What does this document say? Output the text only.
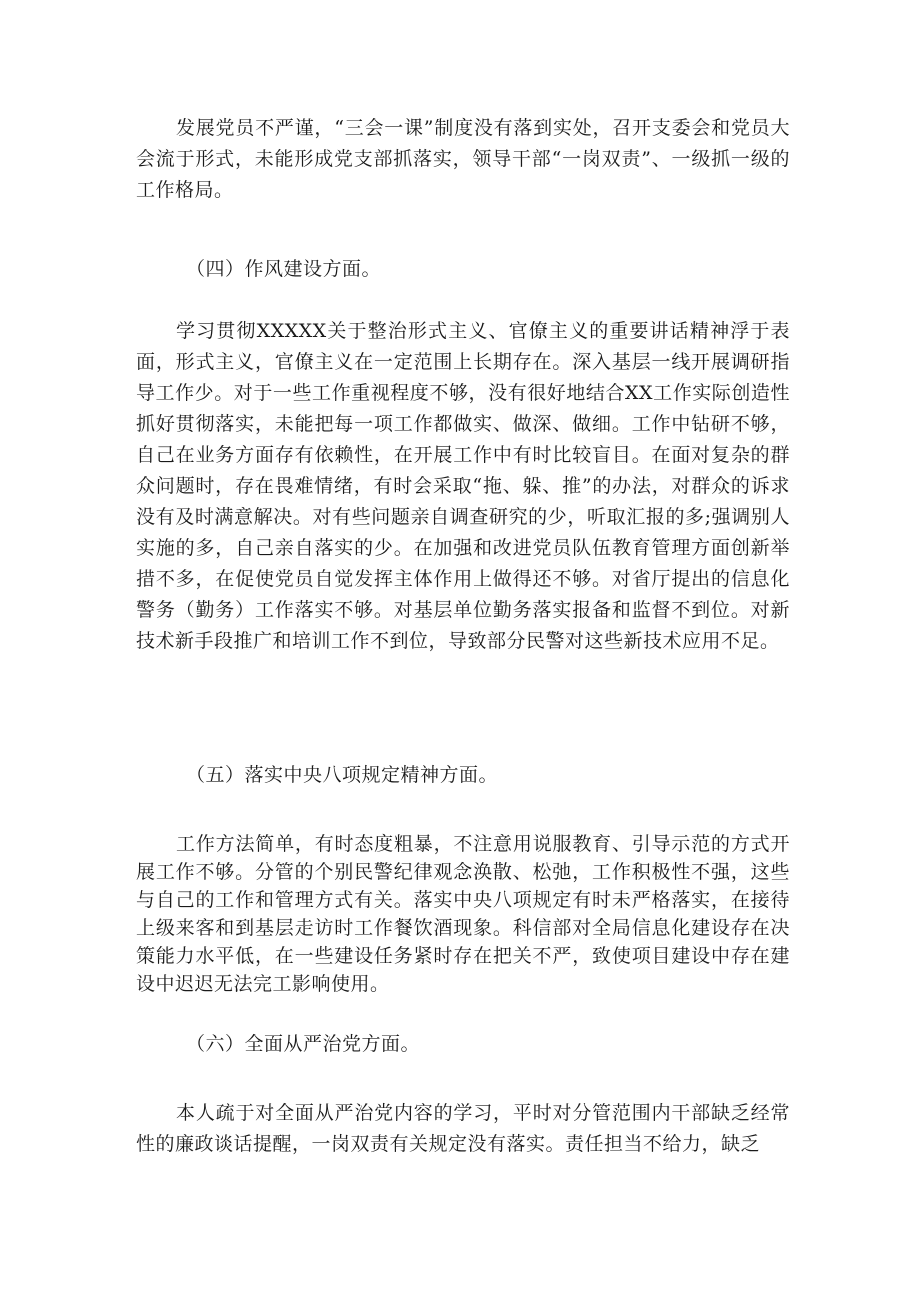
发展党员不严谨，“三会一课”制度没有落到实处，召开支委会和党员大会流于形式，未能形成党支部抓落实，领导干部“一岗双责”、一级抓一级的工作格局。

（四）作风建设方面。

学习贯彻XXXXX关于整治形式主义、官僚主义的重要讲话精神浮于表面，形式主义，官僚主义在一定范围上长期存在。深入基层一线开展调研指导工作少。对于一些工作重视程度不够，没有很好地结合XX工作实际创造性抓好贯彻落实，未能把每一项工作都做实、做深、做细。工作中钻研不够，自己在业务方面存有依赖性，在开展工作中有时比较盲目。在面对复杂的群众问题时，存在畏难情绪，有时会采取“拖、躲、推”的办法，对群众的诉求没有及时满意解决。对有些问题亲自调查研究的少，听取汇报的多;强调别人实施的多，自己亲自落实的少。在加强和改进党员队伍教育管理方面创新举措不多，在促使党员自觉发挥主体作用上做得还不够。对省厅提出的信息化警务（勤务）工作落实不够。对基层单位勤务落实报备和监督不到位。对新技术新手段推广和培训工作不到位，导致部分民警对这些新技术应用不足。

（五）落实中央八项规定精神方面。

工作方法简单，有时态度粗暴，不注意用说服教育、引导示范的方式开展工作不够。分管的个别民警纪律观念涣散、松弛，工作积极性不强，这些与自己的工作和管理方式有关。落实中央八项规定有时未严格落实，在接待上级来客和到基层走访时工作餐饮酒现象。科信部对全局信息化建设存在决策能力水平低，在一些建设任务紧时存在把关不严，致使项目建设中存在建设中迟迟无法完工影响使用。

（六）全面从严治党方面。

本人疏于对全面从严治党内容的学习，平时对分管范围内干部缺乏经常性的廉政谈话提醒，一岗双责有关规定没有落实。责任担当不给力，缺乏
